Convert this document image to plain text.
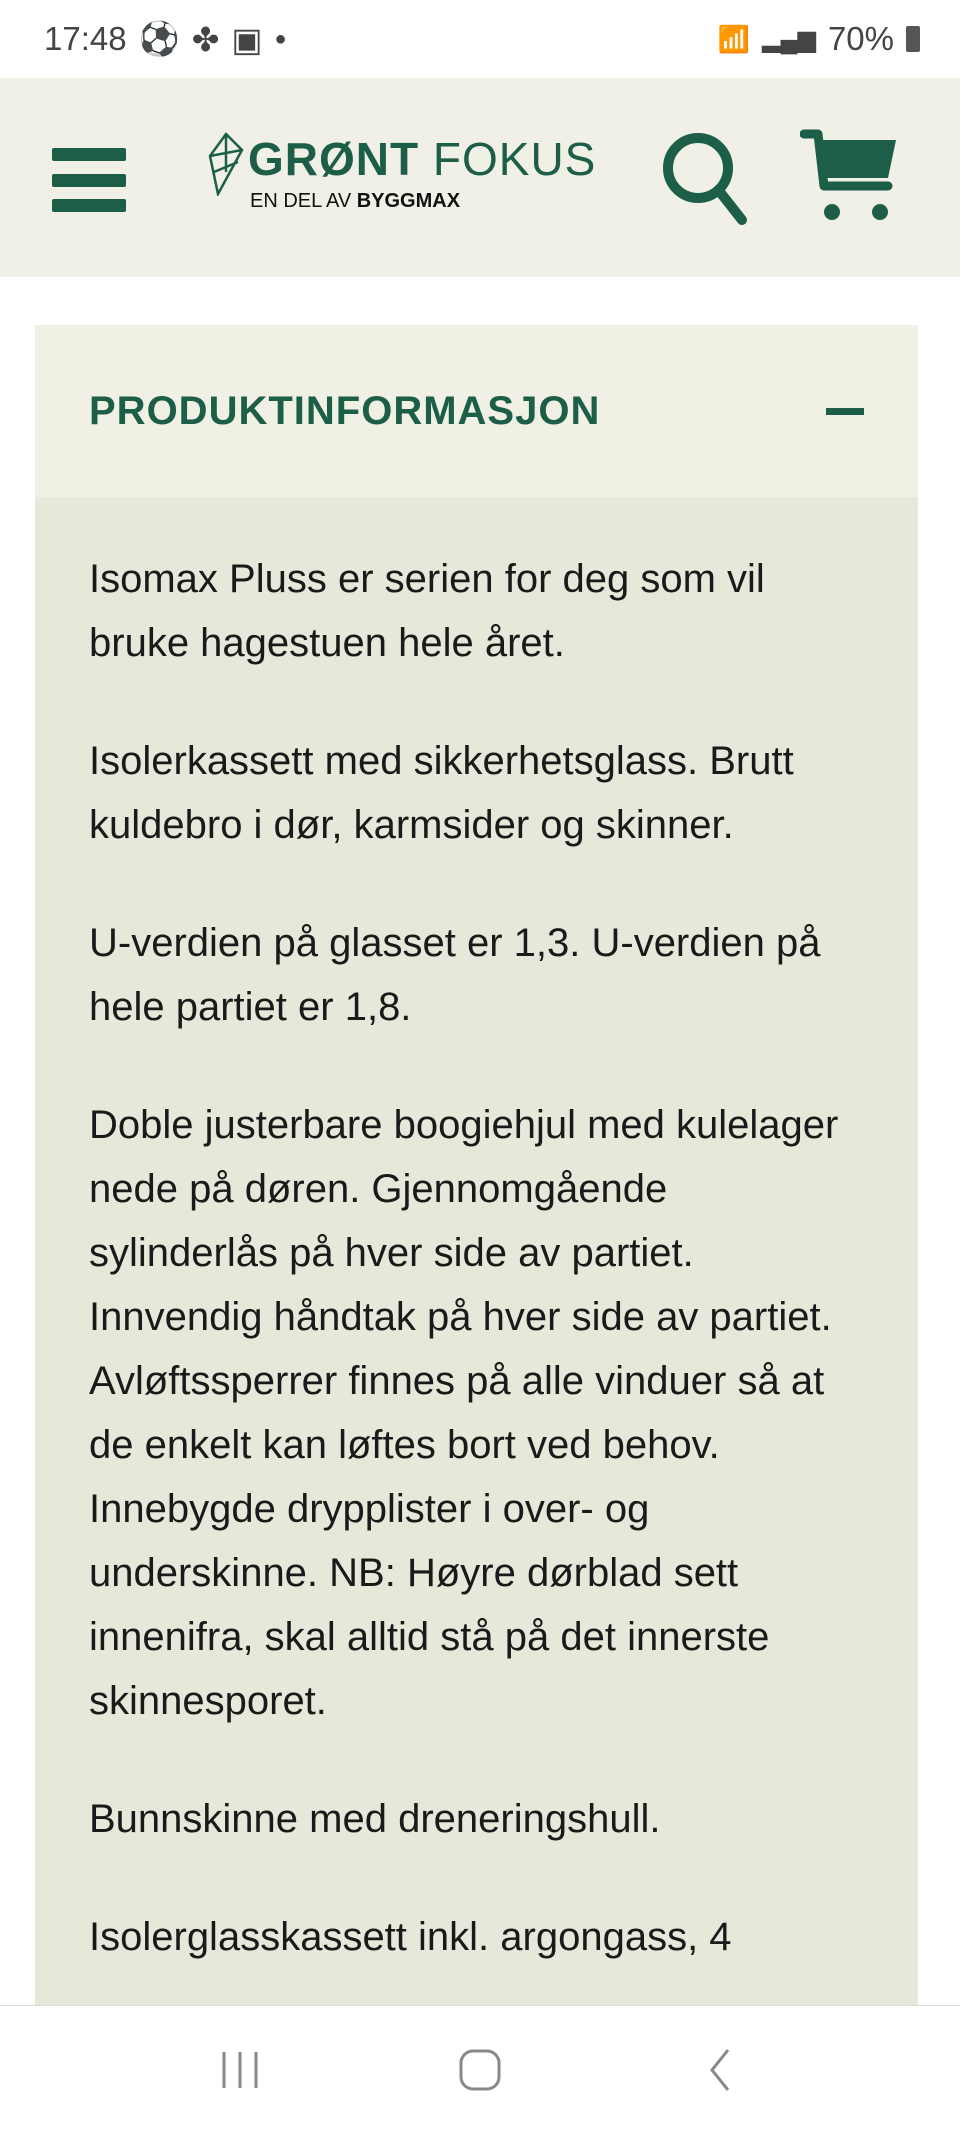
17:48 ⚽ ✤ ▣ ●	📶 ▂▄▆ 70%
GRØNT FOKUS
EN DEL AV BYGGMAX
PRODUKTINFORMASJON

Isomax Pluss er serien for deg som vil bruke hagestuen hele året.

Isolerkassett med sikkerhetsglass. Brutt kuldebro i dør, karmsider og skinner.

U-verdien på glasset er 1,3. U-verdien på hele partiet er 1,8.

Doble justerbare boogiehjul med kulelager nede på døren. Gjennomgående sylinderlås på hver side av partiet. Innvendig håndtak på hver side av partiet. Avløftssperrer finnes på alle vinduer så at de enkelt kan løftes bort ved behov. Innebygde drypplister i over- og underskinne. NB: Høyre dørblad sett innenifra, skal alltid stå på det innerste skinnesporet.

Bunnskinne med dreneringshull.

Isolerglasskassett inkl. argongass, 4
